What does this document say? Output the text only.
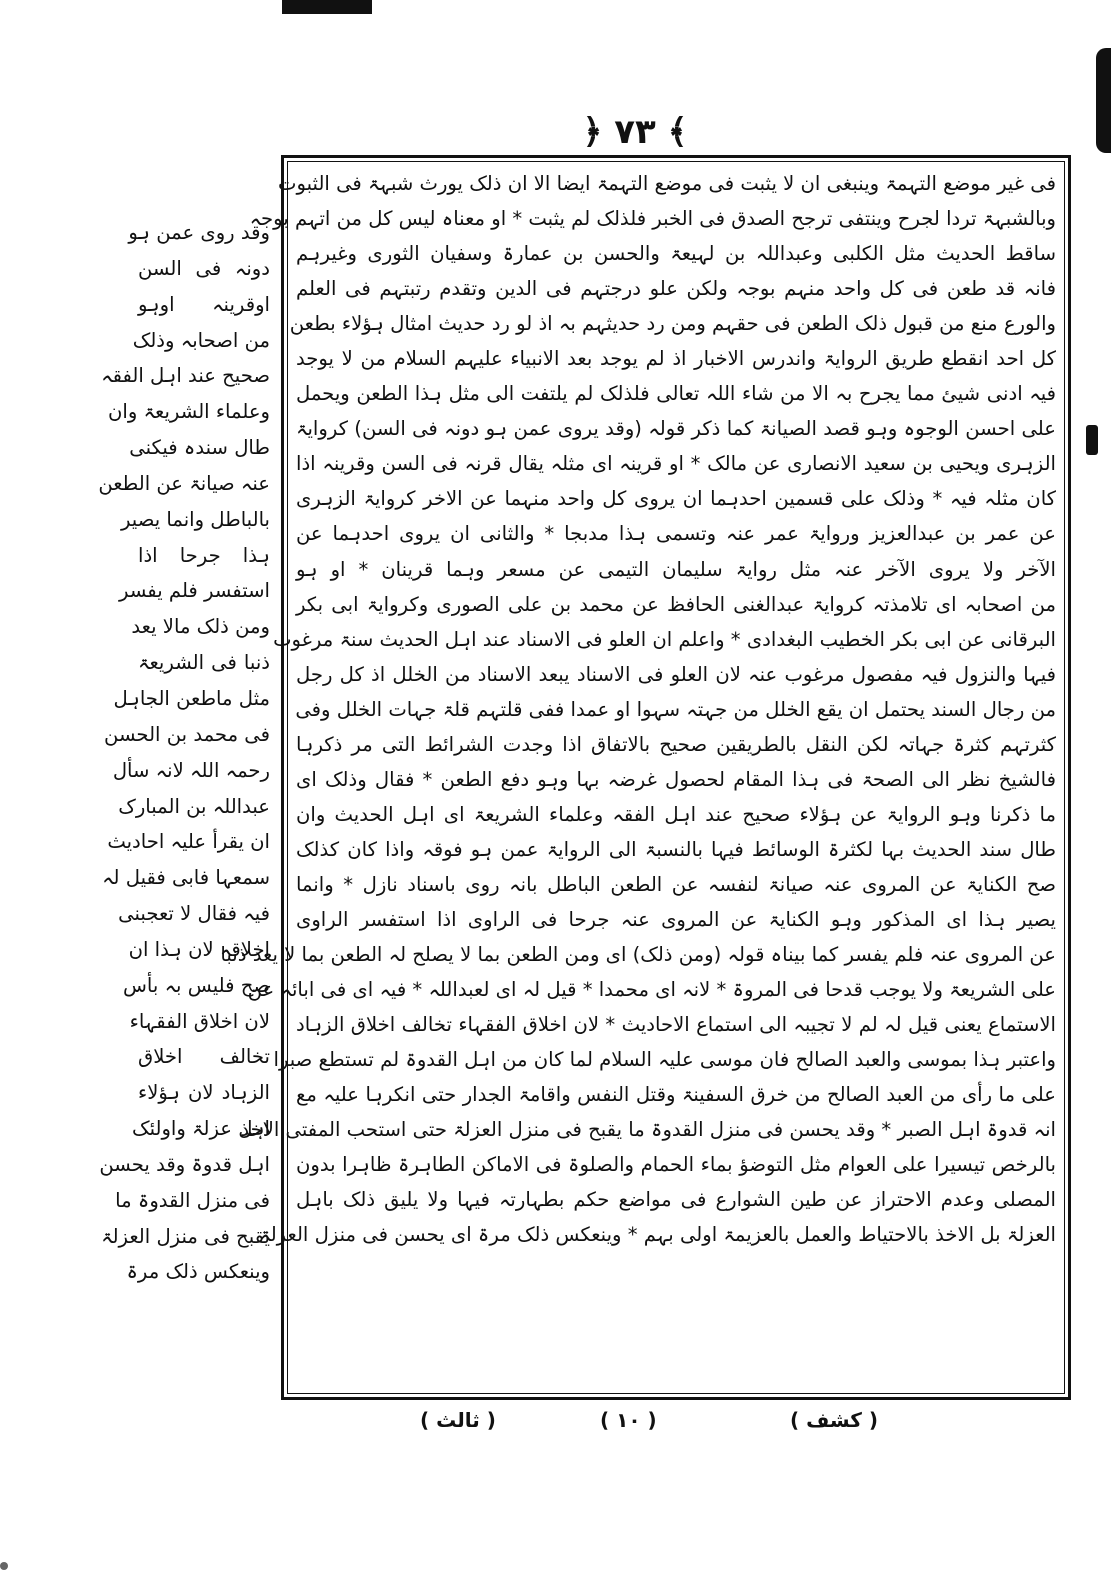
﴿ ٧٣ ﴾
فی غیر موضع التہمۃ وینبغی ان لا یثبت فی موضع التہمۃ ایضا الا ان ذلک یورث شبہۃ فی الثبوت
وبالشبہۃ تردا لجرح وینتفی ترجح الصدق فی الخبر فلذلک لم یثبت * او معناہ لیس کل من اتہم بوجہ
ساقط الحدیث مثل الکلبی وعبداللہ بن لہیعۃ والحسن بن عمارۃ وسفیان الثوری وغیرہم
فانہ قد طعن فی کل واحد منہم بوجہ ولکن علو درجتہم فی الدین وتقدم رتبتہم فی العلم
والورع منع من قبول ذلک الطعن فی حقہم ومن رد حدیثہم بہ اذ لو رد حدیث امثال ہؤلاء بطعن
کل احد انقطع طریق الروایۃ واندرس الاخبار اذ لم یوجد بعد الانبیاء علیہم السلام من لا یوجد
فیہ ادنی شیئ مما یجرح بہ الا من شاء اللہ تعالی فلذلک لم یلتفت الی مثل ہذا الطعن ویحمل
علی احسن الوجوہ وہو قصد الصیانۃ کما ذکر قولہ (وقد یروی عمن ہو دونہ فی السن) کروایۃ
الزہری ویحیی بن سعید الانصاری عن مالک * او قرینہ ای مثلہ یقال قرنہ فی السن وقرینہ اذا
کان مثلہ فیہ * وذلک علی قسمین احدہما ان یروی کل واحد منہما عن الاخر کروایۃ الزہری
عن عمر بن عبدالعزیز وروایۃ عمر عنہ وتسمی ہذا مدبجا * والثانی ان یروی احدہما عن
الآخر ولا یروی الآخر عنہ مثل روایۃ سلیمان التیمی عن مسعر وہما قرینان * او ہو
من اصحابہ ای تلامذتہ کروایۃ عبدالغنی الحافظ عن محمد بن علی الصوری وکروایۃ ابی بکر
البرقانی عن ابی بکر الخطیب البغدادی * واعلم ان العلو فی الاسناد عند اہل الحدیث سنۃ مرغوب
فیہا والنزول فیہ مفصول مرغوب عنہ لان العلو فی الاسناد یبعد الاسناد من الخلل اذ کل رجل
من رجال السند یحتمل ان یقع الخلل من جہتہ سہوا او عمدا ففی قلتہم قلۃ جہات الخلل وفی
کثرتہم کثرۃ جہاتہ لکن النقل بالطریقین صحیح بالاتفاق اذا وجدت الشرائط التی مر ذکرہا
فالشیخ نظر الی الصحۃ فی ہذا المقام لحصول غرضہ بہا وہو دفع الطعن * فقال وذلک ای
ما ذکرنا وہو الروایۃ عن ہؤلاء صحیح عند اہل الفقہ وعلماء الشریعۃ ای اہل الحدیث وان
طال سند الحدیث بہا لکثرۃ الوسائط فیہا بالنسبۃ الی الروایۃ عمن ہو فوقہ واذا کان کذلک
صح الکنایۃ عن المروی عنہ صیانۃ لنفسہ عن الطعن الباطل بانہ روی باسناد نازل * وانما
یصیر ہذا ای المذکور وہو الکنایۃ عن المروی عنہ جرحا فی الراوی اذا استفسر الراوی
عن المروی عنہ فلم یفسر کما بیناہ قولہ (ومن ذلک) ای ومن الطعن بما لا یصلح لہ الطعن بما لا یعد ذنبا
علی الشریعۃ ولا یوجب قدحا فی المروۃ * لانہ ای محمدا * قیل لہ ای لعبداللہ * فیہ ای فی ابائہ عن
الاستماع یعنی قیل لہ لم لا تجیبہ الی استماع الاحادیث * لان اخلاق الفقہاء تخالف اخلاق الزہاد
واعتبر ہذا بموسی والعبد الصالح فان موسی علیہ السلام لما کان من اہل القدوۃ لم تستطع صبرا
علی ما رأی من العبد الصالح من خرق السفینۃ وقتل النفس واقامۃ الجدار حتی انکرہا علیہ مع
انہ قدوۃ اہل الصبر * وقد یحسن فی منزل القدوۃ ما یقبح فی منزل العزلۃ حتی استحب المفتی الاخذ
بالرخص تیسیرا علی العوام مثل التوضؤ بماء الحمام والصلوۃ فی الاماکن الطاہرۃ ظاہرا بدون
المصلی وعدم الاحتراز عن طین الشوارع فی مواضع حکم بطہارتہ فیہا ولا یلیق ذلک باہل
العزلۃ بل الاخذ بالاحتیاط والعمل بالعزیمۃ اولی بہم * وینعکس ذلک مرۃ ای یحسن فی منزل العزلۃ
وقد روی عمن ہو
دونہ فی السن
اوقرینہ اوہو
من اصحابہ وذلک
صحیح عند اہل الفقہ
وعلماء الشریعۃ وان
طال سندہ فیکنی
عنہ صیانۃ عن الطعن
بالباطل وانما یصیر
ہذا جرحا اذا
استفسر فلم یفسر
ومن ذلک مالا یعد
ذنبا فی الشریعۃ
مثل ماطعن الجاہل
فی محمد بن الحسن
رحمہ اللہ لانہ سأل
عبداللہ بن المبارک
ان یقرأ علیہ احادیث
سمعہا فابی فقیل لہ
فیہ فقال لا تعجبنی
اخلاقہ لان ہذا ان
صح فلیس بہ بأس
لان اخلاق الفقہاء
تخالف اخلاق
الزہاد لان ہؤلاء
اہل عزلۃ واولئک
اہل قدوۃ وقد یحسن
فی منزل القدوۃ ما
یقبح فی منزل العزلۃ
وینعکس ذلک مرۃ
( ثالث )	( ١٠ )	( کشف )
